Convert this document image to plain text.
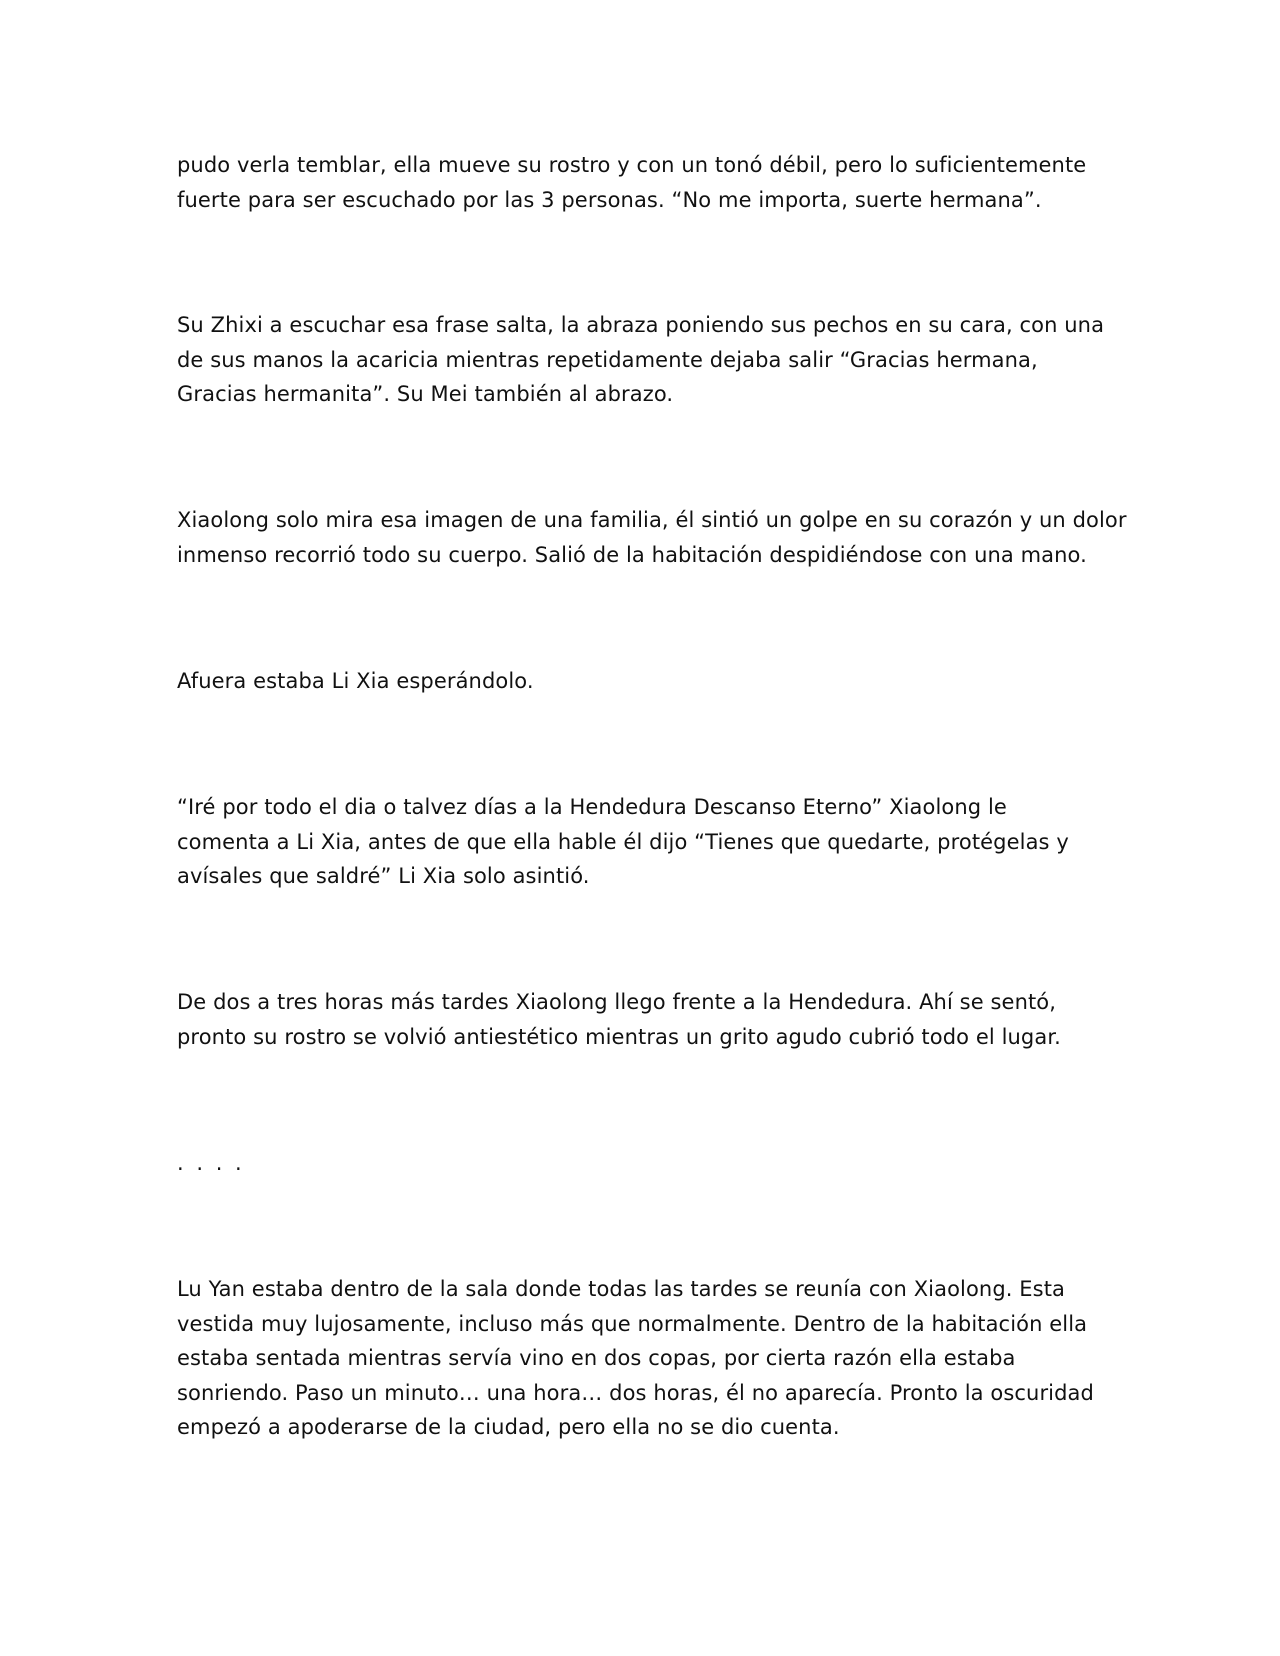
pudo verla temblar, ella mueve su rostro y con un tonó débil, pero lo suficientemente
fuerte para ser escuchado por las 3 personas. “No me importa, suerte hermana”.

Su Zhixi a escuchar esa frase salta, la abraza poniendo sus pechos en su cara, con una
de sus manos la acaricia mientras repetidamente dejaba salir “Gracias hermana,
Gracias hermanita”. Su Mei también al abrazo.

Xiaolong solo mira esa imagen de una familia, él sintió un golpe en su corazón y un dolor
inmenso recorrió todo su cuerpo. Salió de la habitación despidiéndose con una mano.

Afuera estaba Li Xia esperándolo.

“Iré por todo el dia o talvez días a la Hendedura Descanso Eterno” Xiaolong le
comenta a Li Xia, antes de que ella hable él dijo “Tienes que quedarte, protégelas y
avísales que saldré” Li Xia solo asintió.

De dos a tres horas más tardes Xiaolong llego frente a la Hendedura. Ahí se sentó,
pronto su rostro se volvió antiestético mientras un grito agudo cubrió todo el lugar.

. . . .

Lu Yan estaba dentro de la sala donde todas las tardes se reunía con Xiaolong. Esta
vestida muy lujosamente, incluso más que normalmente. Dentro de la habitación ella
estaba sentada mientras servía vino en dos copas, por cierta razón ella estaba
sonriendo. Paso un minuto… una hora… dos horas, él no aparecía. Pronto la oscuridad
empezó a apoderarse de la ciudad, pero ella no se dio cuenta.
